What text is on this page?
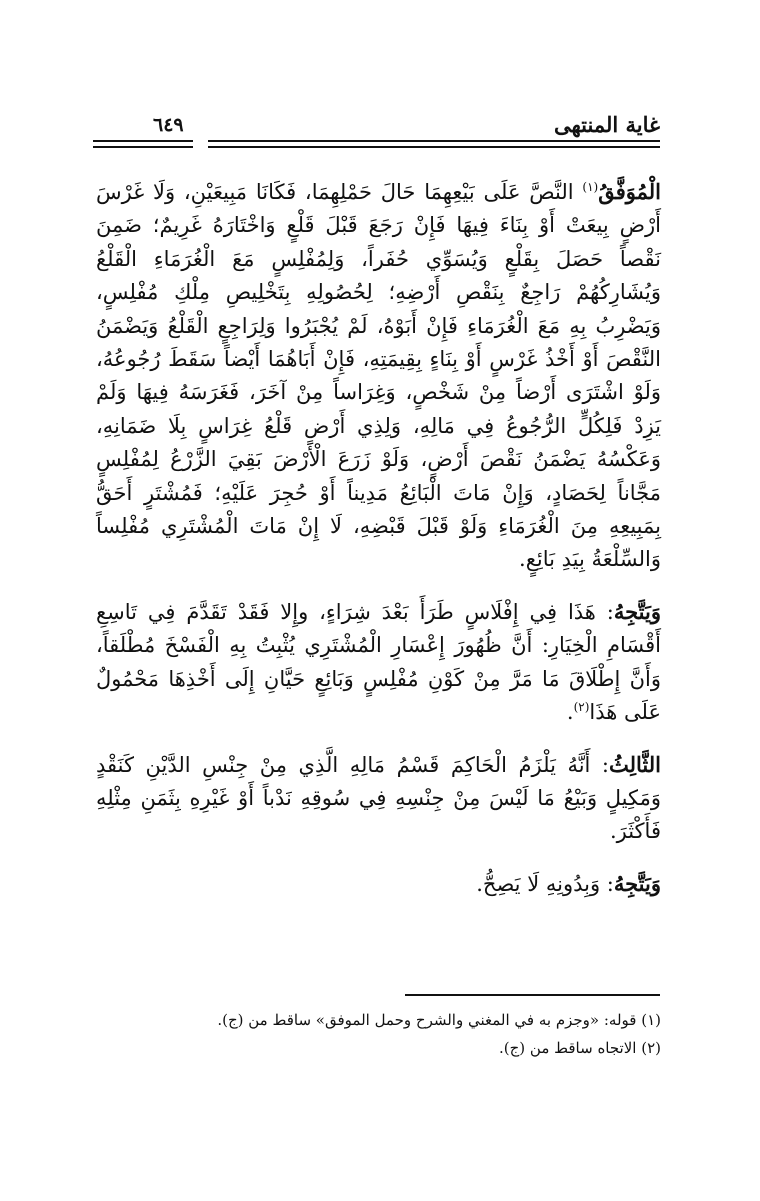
غاية المنتهى
٦٤٩

الْمُوَفَّقُ$^{(١)}$ النَّصَّ عَلَى بَيْعِهِمَا حَالَ حَمْلِهِمَا، فَكَانَا مَبِيعَيْنِ، وَلَا غَرْسَ أَرْضٍ بِيعَتْ أَوْ بِنَاءَ فِيهَا فَإِنْ رَجَعَ قَبْلَ قَلْعٍ وَاخْتَارَهُ غَرِيمٌ؛ ضَمِنَ نَقْصاً حَصَلَ بِقَلْعٍ وَيُسَوِّي حُفَراً، وَلِمُفْلِسٍ مَعَ الْغُرَمَاءِ الْقَلْعُ وَيُشَارِكُهُمْ رَاجِعٌ بِنَقْصِ أَرْضِهِ؛ لِحُصُولِهِ بِتَخْلِيصِ مِلْكِ مُفْلِسٍ، وَيَضْرِبُ بِهِ مَعَ الْغُرَمَاءِ فَإِنْ أَبَوْهُ، لَمْ يُجْبَرُوا وَلِرَاجِعٍ الْقَلْعُ وَيَضْمَنُ النَّقْصَ أَوْ أَخْذُ غَرْسٍ أَوْ بِنَاءٍ بِقِيمَتِهِ، فَإِنْ أَبَاهُمَا أَيْضاً سَقَطَ رُجُوعُهُ، وَلَوْ اشْتَرَى أَرْضاً مِنْ شَخْصٍ، وَغِرَاساً مِنْ آخَرَ، فَغَرَسَهُ فِيهَا وَلَمْ يَزِدْ فَلِكُلٍّ الرُّجُوعُ فِي مَالِهِ، وَلِذِي أَرْضٍ قَلْعُ غِرَاسٍ بِلَا ضَمَانِهِ، وَعَكْسُهُ يَضْمَنُ نَقْصَ أَرْضٍ، وَلَوْ زَرَعَ الْأَرْضَ بَقِيَ الزَّرْعُ لِمُفْلِسٍ مَجَّاناً لِحَصَادٍ، وَإِنْ مَاتَ الْبَائِعُ مَدِيناً أَوْ حُجِرَ عَلَيْهِ؛ فَمُشْتَرٍ أَحَقُّ بِمَبِيعِهِ مِنَ الْغُرَمَاءِ وَلَوْ قَبْلَ قَبْضِهِ، لَا إِنْ مَاتَ الْمُشْتَرِي مُفْلِساً وَالسِّلْعَةُ بِيَدِ بَائِعٍ.

وَيَتَّجِهُ: هَذَا فِي إِفْلَاسٍ طَرَأَ بَعْدَ شِرَاءٍ، وإِلا فَقَدْ تَقَدَّمَ فِي تَاسِعِ أَقْسَامِ الْخِيَارِ: أَنَّ ظُهُورَ إِعْسَارِ الْمُشْتَرِي يُثْبِتُ بِهِ الْفَسْخَ مُطْلَقاً، وَأَنَّ إِطْلَاقَ مَا مَرَّ مِنْ كَوْنِ مُفْلِسٍ وَبَائِعٍ حَيَّانِ إِلَى أَخْذِهَا مَحْمُولٌ عَلَى هَذَا$^{(٢)}$.

الثَّالِثُ: أَنَّهُ يَلْزَمُ الْحَاكِمَ قَسْمُ مَالِهِ الَّذِي مِنْ جِنْسِ الدَّيْنِ كَنَقْدٍ وَمَكِيلٍ وَبَيْعُ مَا لَيْسَ مِنْ جِنْسِهِ فِي سُوقِهِ نَدْباً أَوْ غَيْرِهِ بِثَمَنِ مِثْلِهِ فَأَكْثَرَ.

وَيَتَّجِهُ: وَبِدُونِهِ لَا يَصِحُّ.

(١) قوله: «وجزم به في المغني والشرح وحمل الموفق» ساقط من (ج).

(٢) الاتجاه ساقط من (ج).
